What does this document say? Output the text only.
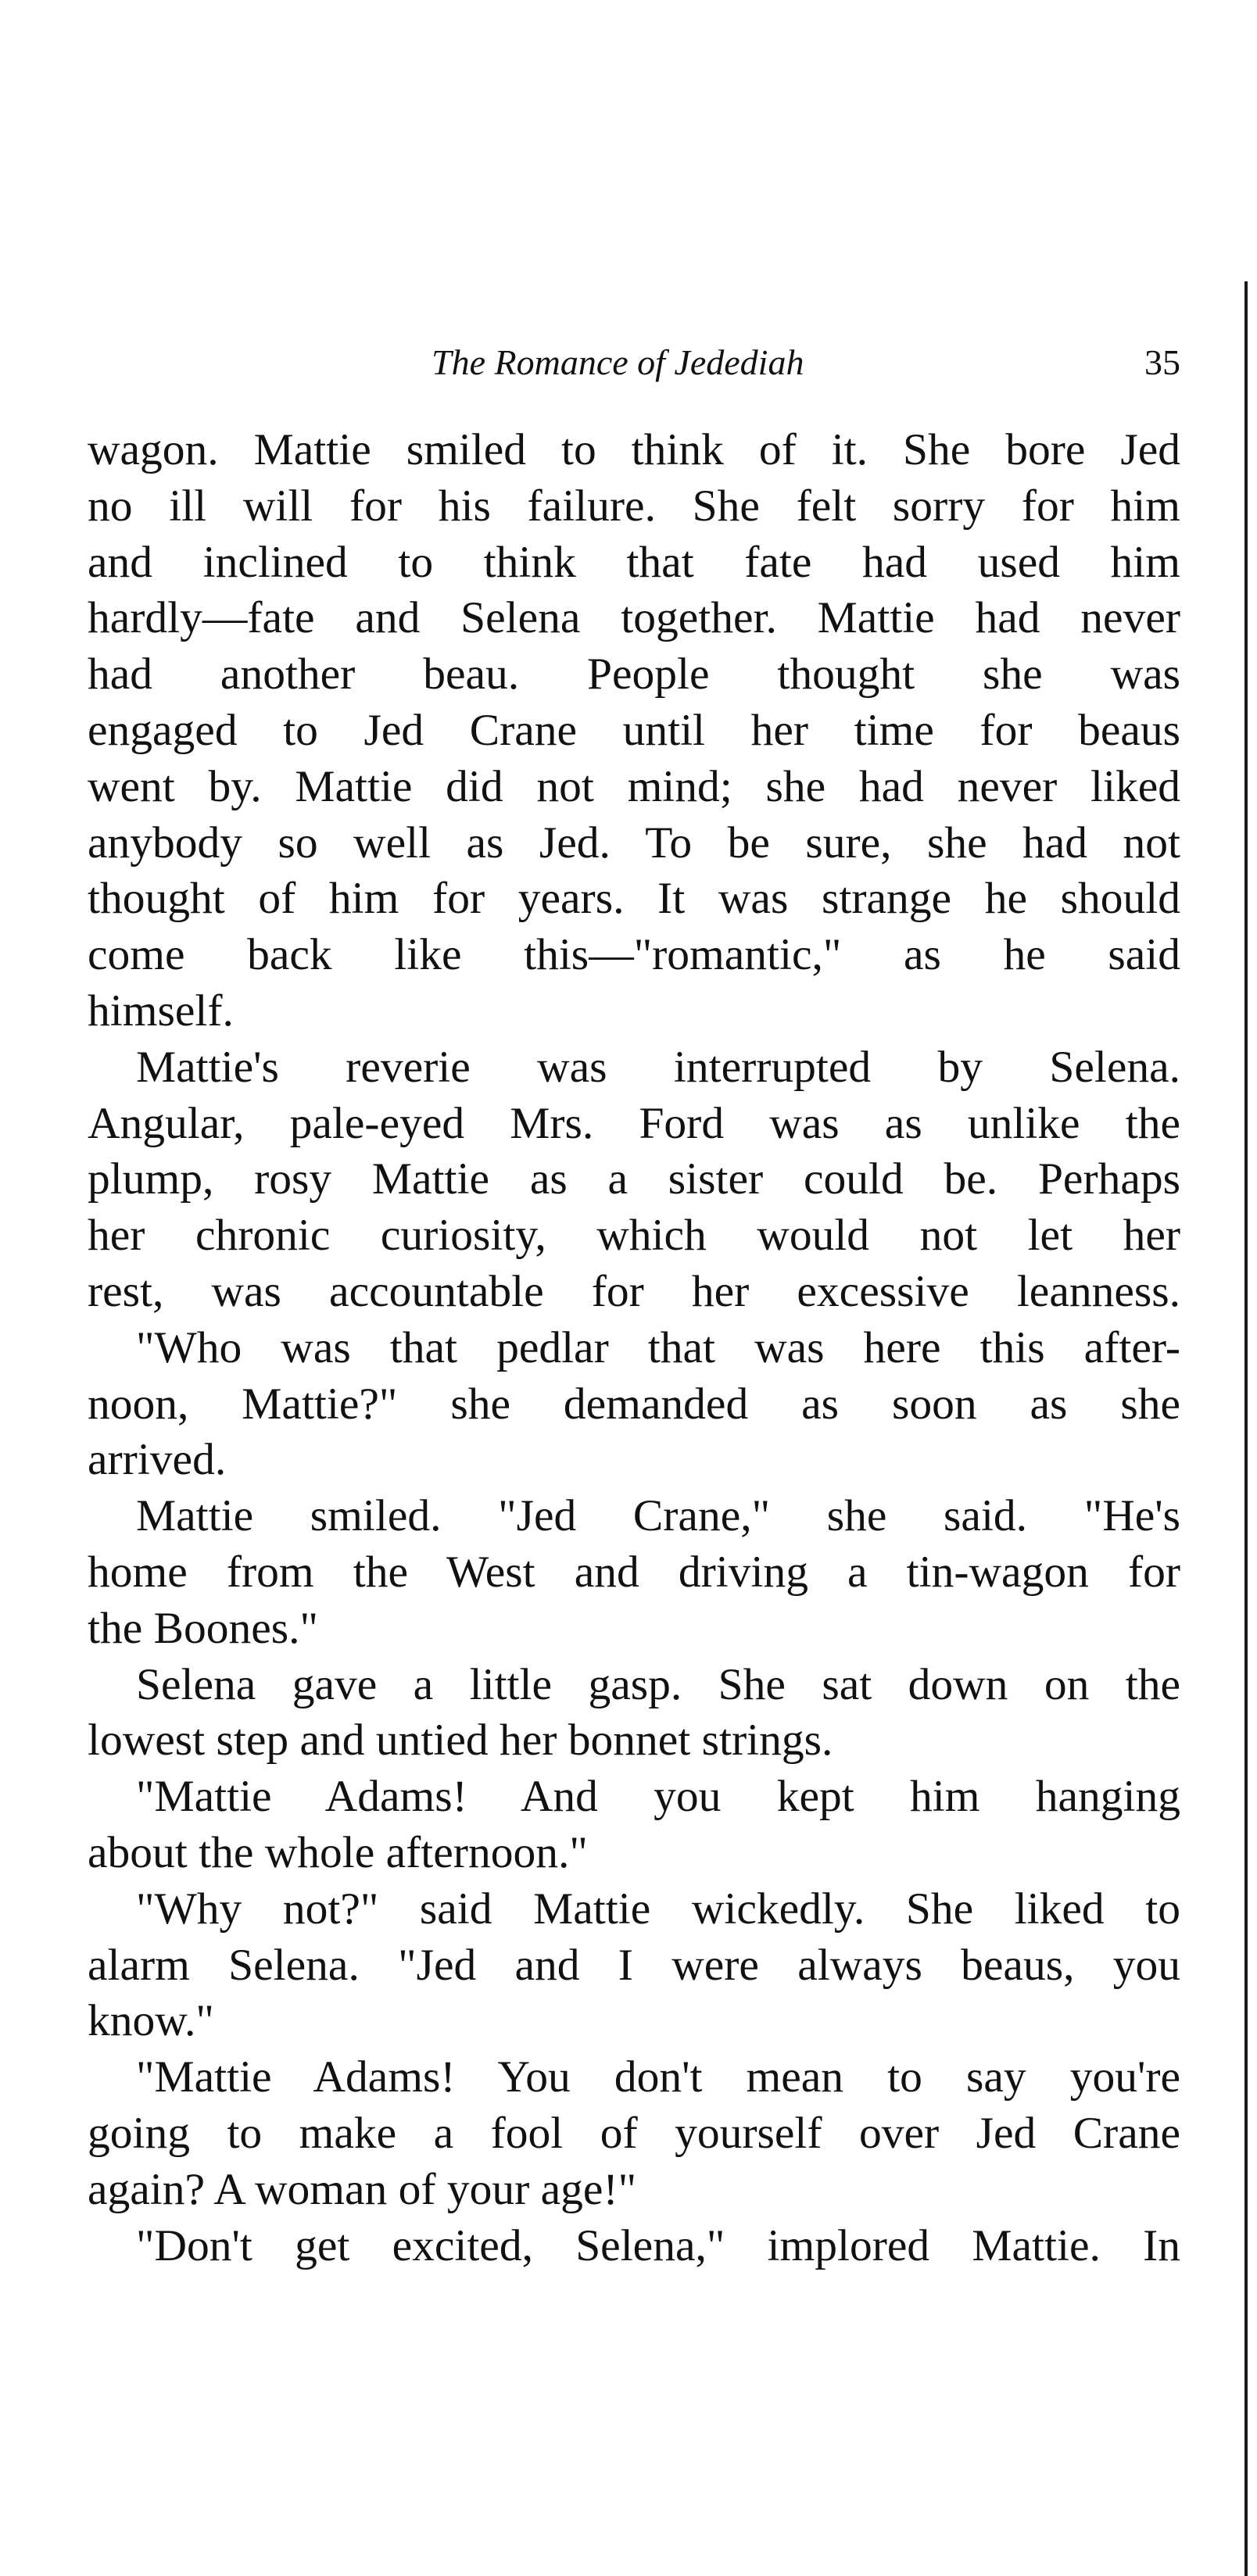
The Romance of Jedediah	35
wagon. Mattie smiled to think of it. She bore Jed
no ill will for his failure. She felt sorry for him
and inclined to think that fate had used him
hardly—fate and Selena together. Mattie had never
had another beau. People thought she was
engaged to Jed Crane until her time for beaus
went by. Mattie did not mind; she had never liked
anybody so well as Jed. To be sure, she had not
thought of him for years. It was strange he should
come back like this—"romantic," as he said
himself.
Mattie's reverie was interrupted by Selena.
Angular, pale-eyed Mrs. Ford was as unlike the
plump, rosy Mattie as a sister could be. Perhaps
her chronic curiosity, which would not let her
rest, was accountable for her excessive leanness.
"Who was that pedlar that was here this after-
noon, Mattie?" she demanded as soon as she
arrived.
Mattie smiled. "Jed Crane," she said. "He's
home from the West and driving a tin-wagon for
the Boones."
Selena gave a little gasp. She sat down on the
lowest step and untied her bonnet strings.
"Mattie Adams! And you kept him hanging
about the whole afternoon."
"Why not?" said Mattie wickedly. She liked to
alarm Selena. "Jed and I were always beaus, you
know."
"Mattie Adams! You don't mean to say you're
going to make a fool of yourself over Jed Crane
again? A woman of your age!"
"Don't get excited, Selena," implored Mattie. In
